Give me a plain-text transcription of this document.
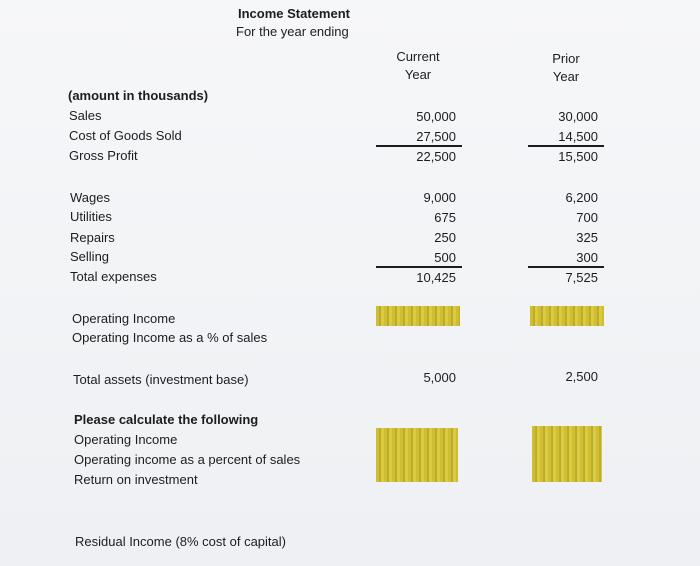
Income Statement
For the year ending
Current
Year
Prior
Year
(amount in thousands)
Sales	50,000	30,000
Cost of Goods Sold	27,500	14,500
Gross Profit	22,500	15,500
Wages	9,000	6,200
Utilities	675	700
Repairs	250	325
Selling	500	300
Total expenses	10,425	7,525
Operating Income
Operating Income as a % of sales
Total assets (investment base)	5,000	2,500
Please calculate the following
Operating Income
Operating income as a percent of sales
Return on investment
Residual Income (8% cost of capital)
